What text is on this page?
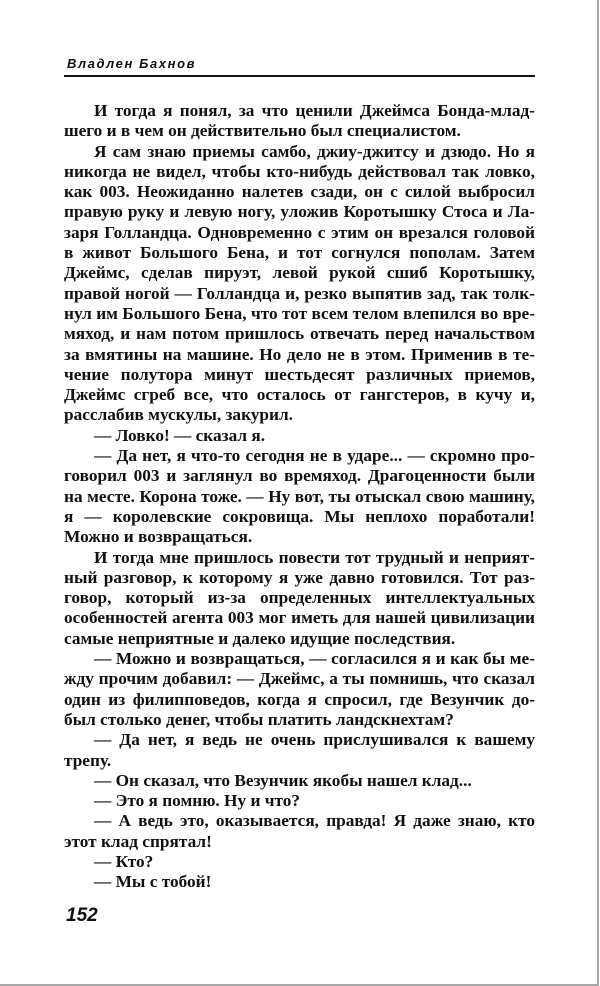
Владлен Бахнов

И тогда я понял, за что ценили Джеймса Бонда-младшего и в чем он действительно был специалистом.

Я сам знаю приемы самбо, джиу-джитсу и дзюдо. Но я никогда не видел, чтобы кто-нибудь действовал так ловко, как 003. Неожиданно налетев сзади, он с силой выбросил правую руку и левую ногу, уложив Коротышку Стоса и Лазаря Голландца. Одновременно с этим он врезался головой в живот Большого Бена, и тот согнулся пополам. Затем Джеймс, сделав пируэт, левой рукой сшиб Коротышку, правой ногой — Голландца и, резко выпятив зад, так толкнул им Большого Бена, что тот всем телом влепился во времяход, и нам потом пришлось отвечать перед начальством за вмятины на машине. Но дело не в этом. Применив в течение полутора минут шестьдесят различных приемов, Джеймс сгреб все, что осталось от гангстеров, в кучу и, расслабив мускулы, закурил.

— Ловко! — сказал я.

— Да нет, я что-то сегодня не в ударе... — скромно проговорил 003 и заглянул во времяход. Драгоценности были на месте. Корона тоже. — Ну вот, ты отыскал свою машину, я — королевские сокровища. Мы неплохо поработали! Можно и возвращаться.

И тогда мне пришлось повести тот трудный и неприятный разговор, к которому я уже давно готовился. Тот разговор, который из-за определенных интеллектуальных особенностей агента 003 мог иметь для нашей цивилизации самые неприятные и далеко идущие последствия.

— Можно и возвращаться, — согласился я и как бы между прочим добавил: — Джеймс, а ты помнишь, что сказал один из филипповедов, когда я спросил, где Везунчик добыл столько денег, чтобы платить ландскнехтам?

— Да нет, я ведь не очень прислушивался к вашему трепу.

— Он сказал, что Везунчик якобы нашел клад...

— Это я помню. Ну и что?

— А ведь это, оказывается, правда! Я даже знаю, кто этот клад спрятал!

— Кто?

— Мы с тобой!

152
